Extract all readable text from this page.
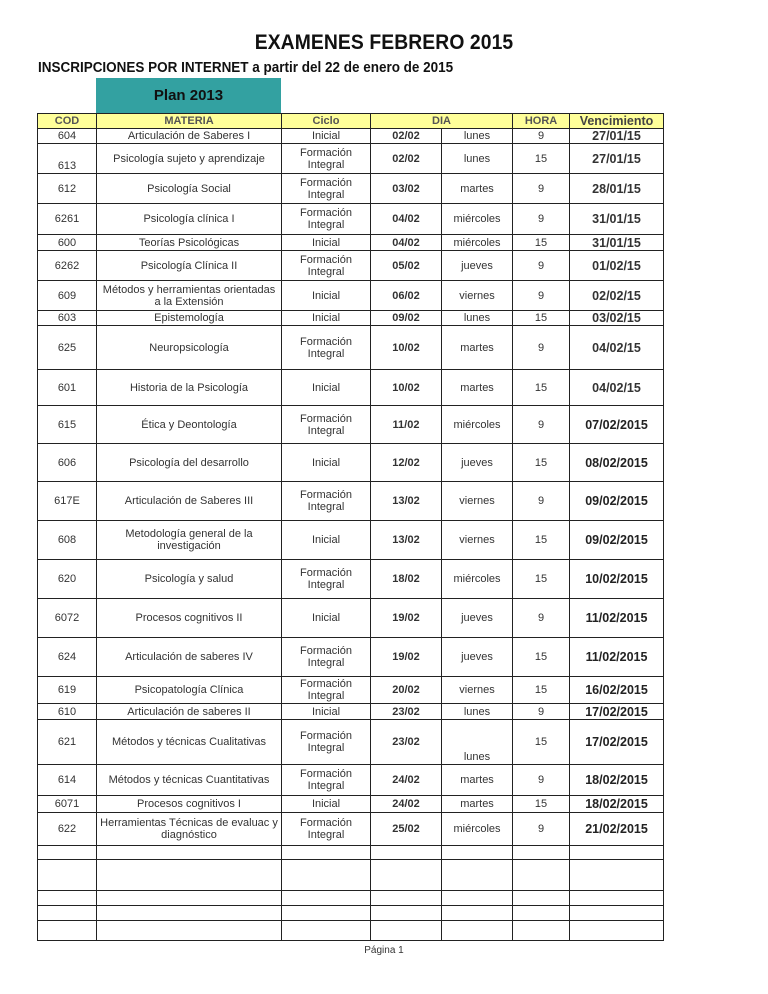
EXAMENES FEBRERO 2015
INSCRIPCIONES POR INTERNET a partir del 22 de enero de 2015
Plan 2013
COD	MATERIA	Ciclo	DIA		HORA	Vencimiento
604	Articulación de Saberes I	Inicial	02/02	lunes	9	27/01/15
613	Psicología sujeto y aprendizaje	Formación Integral	02/02	lunes	15	27/01/15
612	Psicología Social	Formación Integral	03/02	martes	9	28/01/15
6261	Psicología clínica I	Formación Integral	04/02	miércoles	9	31/01/15
600	Teorías Psicológicas	Inicial	04/02	miércoles	15	31/01/15
6262	Psicología Clínica II	Formación Integral	05/02	jueves	9	01/02/15
609	Métodos y herramientas orientadas a la Extensión	Inicial	06/02	viernes	9	02/02/15
603	Epistemología	Inicial	09/02	lunes	15	03/02/15
625	Neuropsicología	Formación Integral	10/02	martes	9	04/02/15
601	Historia de la Psicología	Inicial	10/02	martes	15	04/02/15
615	Ética y Deontología	Formación Integral	11/02	miércoles	9	07/02/2015
606	Psicología del desarrollo	Inicial	12/02	jueves	15	08/02/2015
617E	Articulación de Saberes III	Formación Integral	13/02	viernes	9	09/02/2015
608	Metodología general de la investigación	Inicial	13/02	viernes	15	09/02/2015
620	Psicología y salud	Formación Integral	18/02	miércoles	15	10/02/2015
6072	Procesos cognitivos II	Inicial	19/02	jueves	9	11/02/2015
624	Articulación de saberes IV	Formación Integral	19/02	jueves	15	11/02/2015
619	Psicopatología Clínica	Formación Integral	20/02	viernes	15	16/02/2015
610	Articulación de saberes II	Inicial	23/02	lunes	9	17/02/2015
621	Métodos y técnicas Cualitativas	Formación Integral	23/02	lunes	15	17/02/2015
614	Métodos y técnicas Cuantitativas	Formación Integral	24/02	martes	9	18/02/2015
6071	Procesos cognitivos I	Inicial	24/02	martes	15	18/02/2015
622	Herramientas Técnicas de evaluac y diagnóstico	Formación Integral	25/02	miércoles	9	21/02/2015

Página 1
